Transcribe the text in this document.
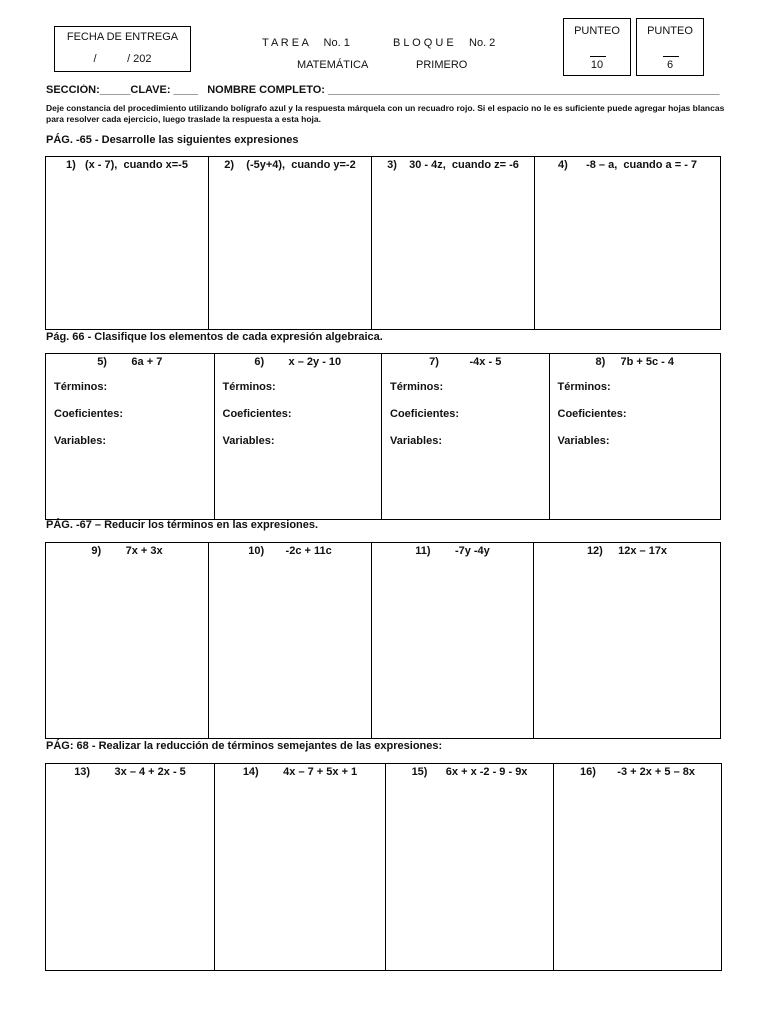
FECHA DE ENTREGA
/          / 202
T A R E A     No. 1	B L O Q U E     No. 2
MATEMÁTICA	PRIMERO
PUNTEO
10
PUNTEO
6
SECCIÓN:_____CLAVE: ____   NOMBRE COMPLETO: ________________________________________________________________
Deje constancia del procedimiento utilizando bolígrafo azul y la respuesta márquela con un recuadro rojo. Si el espacio no le es suficiente puede agregar hojas blancas para resolver cada ejercicio, luego traslade la respuesta a esta hoja.
PÁG. -65 - Desarrolle las siguientes expresiones
1)   (x - 7),  cuando x=-5	2)    (-5y+4),  cuando y=-2	3)    30 - 4z,  cuando z= -6	4)      -8 – a,  cuando a = - 7
Pág. 66 - Clasifique los elementos de cada expresión algebraica.
5)        6a + 7
Términos:
Coeficientes:
Variables:
6)        x – 2y - 10
Términos:
Coeficientes:
Variables:
7)          -4x - 5
Términos:
Coeficientes:
Variables:
8)     7b + 5c - 4
Términos:
Coeficientes:
Variables:
PÁG. -67 – Reducir los términos en las expresiones.
9)        7x + 3x	10)       -2c + 11c	11)        -7y -4y	12)     12x – 17x
PÁG: 68 - Realizar la reducción de términos semejantes de las expresiones:
13)        3x – 4 + 2x - 5	14)        4x – 7 + 5x + 1	15)      6x + x -2 - 9 - 9x	16)       -3 + 2x + 5 – 8x
